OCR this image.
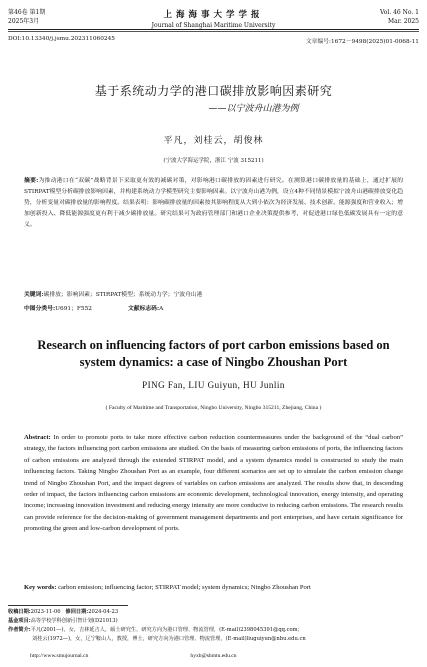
第46卷 第1期
2025年3月
上海海事大学学报
Journal of Shanghai Maritime University
Vol. 46 No. 1
Mar. 2025
DOI:10.13340/j.jsmu.202311060245	文章编号:1672－9498(2025)01-0068-11
基于系统动力学的港口碳排放影响因素研究
——以宁波舟山港为例
平凡，刘桂云，胡俊林
(宁波大学海运学院，浙江 宁波 315211)
摘要:为推动港口在“双碳”战略背景下采取更有效的减碳对策，对影响港口碳排放的因素进行研究。在测算港口碳排放量的基础上，通过扩展的STIRPAT模型分析碳排放影响因素，并构建系统动力学模型研究主要影响因素。以宁波舟山港为例，设立4种不同情景模拟宁波舟山港碳排放变化趋势，分析变量对碳排放量的影响程度。结果表明：影响碳排放量的因素按其影响程度从大到小依次为经济发展、技术创新、能源强度和营业收入；增加创新投入、降低能源强度更有利于减少碳排放量。研究结果可为政府管理部门和港口企业决策提供参考，对促进港口绿色低碳发展具有一定的意义。
关键词:碳排放；影响因素；STIRPAT模型；系统动力学；宁波舟山港
中图分类号:U691；F552	文献标志码:A
Research on influencing factors of port carbon emissions based on system dynamics: a case of Ningbo Zhoushan Port
PING Fan, LIU Guiyun, HU Junlin
( Faculty of Maritime and Transportation, Ningbo University, Ningbo 315211, Zhejiang, China )
Abstract: In order to promote ports to take more effective carbon reduction countermeasures under the background of the “dual carbon” strategy, the factors influencing port carbon emissions are studied. On the basis of measuring carbon emissions of ports, the influencing factors of carbon emissions are analyzed through the extended STIRPAT model, and a system dynamics model is constructed to study the main influencing factors. Taking Ningbo Zhoushan Port as an example, four different scenarios are set up to simulate the carbon emission change trend of Ningbo Zhoushan Port, and the impact degrees of variables on carbon emissions are analyzed. The results show that, in descending order of impact, the factors influencing carbon emissions are economic development, technological innovation, energy intensity, and operating income; increasing innovation investment and reducing energy intensity are more conducive to reducing carbon emissions. The research results can provide reference for the decision-making of government management departments and port enterprises, and have certain significance for promoting the green and low-carbon development of ports.
Key words: carbon emission; influencing factor; STIRPAT model; system dynamics; Ningbo Zhoushan Port
收稿日期:2023-11-06 修回日期:2024-04-23
基金项目:高等学校学科创新引智计划(D21013)
作者简介:平凡(2001—)，女，吉林延吉人，硕士研究生，研究方向为港口管理、物流管理，(E-mail)2398045391@qq.com；
刘桂云(1972—)，女，辽宁鞍山人，教授，博士，研究方向为港口管理、物流管理，(E-mail)liuguiyun@nbu.edu.cn
http://www.smujournal.cn	hyxb@shmtu.edu.cn
